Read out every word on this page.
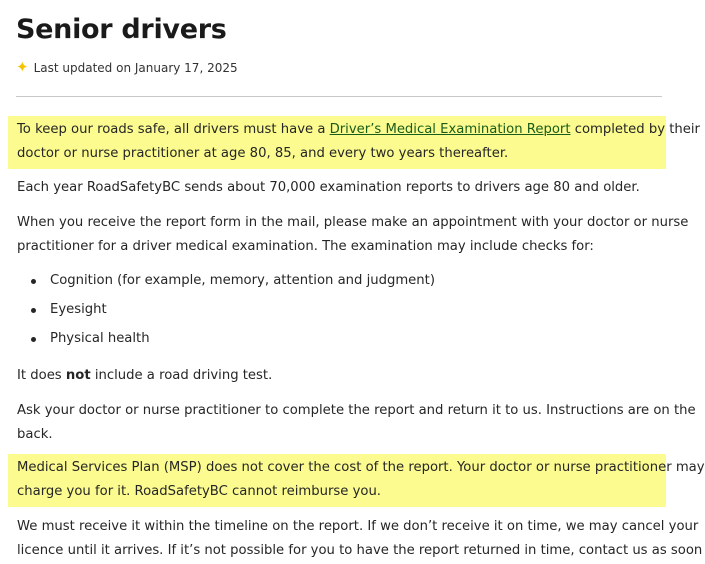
Senior drivers
✦ Last updated on January 17, 2025
To keep our roads safe, all drivers must have a Driver’s Medical Examination Report completed by their
doctor or nurse practitioner at age 80, 85, and every two years thereafter.
Each year RoadSafetyBC sends about 70,000 examination reports to drivers age 80 and older.
When you receive the report form in the mail, please make an appointment with your doctor or nurse
practitioner for a driver medical examination. The examination may include checks for:
Cognition (for example, memory, attention and judgment)
Eyesight
Physical health
It does not include a road driving test.
Ask your doctor or nurse practitioner to complete the report and return it to us. Instructions are on the
back.
Medical Services Plan (MSP) does not cover the cost of the report. Your doctor or nurse practitioner may
charge you for it. RoadSafetyBC cannot reimburse you.
We must receive it within the timeline on the report. If we don’t receive it on time, we may cancel your
licence until it arrives. If it’s not possible for you to have the report returned in time, contact us as soon
